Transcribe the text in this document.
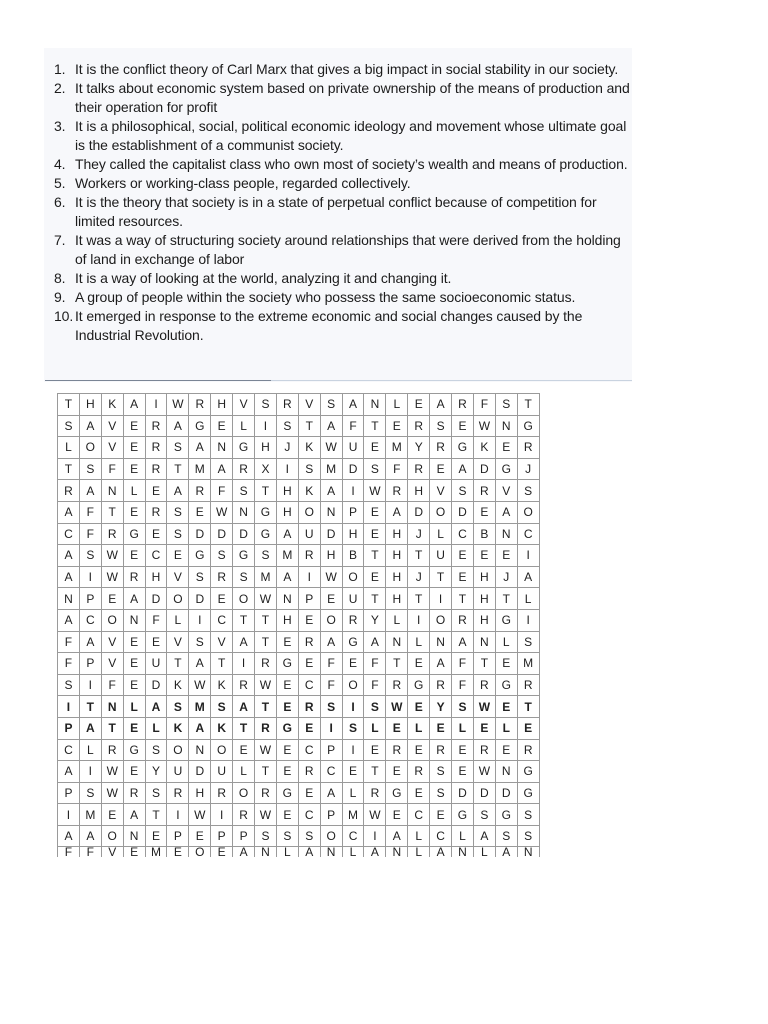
1. It is the conflict theory of Carl Marx that gives a big impact in social stability in our society.
2. It talks about economic system based on private ownership of the means of production and their operation for profit
3. It is a philosophical, social, political economic ideology and movement whose ultimate goal is the establishment of a communist society.
4. They called the capitalist class who own most of society’s wealth and means of production.
5. Workers or working-class people, regarded collectively.
6. It is the theory that society is in a state of perpetual conflict because of competition for limited resources.
7. It was a way of structuring society around relationships that were derived from the holding of land in exchange of labor
8. It is a way of looking at the world, analyzing it and changing it.
9. A group of people within the society who possess the same socioeconomic status.
10. It emerged in response to the extreme economic and social changes caused by the Industrial Revolution.
T	H	K	A	I	W	R	H	V	S	R	V	S	A	N	L	E	A	R	F	S	T
S	A	V	E	R	A	G	E	L	I	S	T	A	F	T	E	R	S	E	W	N	G
L	O	V	E	R	S	A	N	G	H	J	K	W	U	E	M	Y	R	G	K	E	R
T	S	F	E	R	T	M	A	R	X	I	S	M	D	S	F	R	E	A	D	G	J
R	A	N	L	E	A	R	F	S	T	H	K	A	I	W	R	H	V	S	R	V	S
A	F	T	E	R	S	E	W	N	G	H	O	N	P	E	A	D	O	D	E	A	O
C	F	R	G	E	S	D	D	D	G	A	U	D	H	E	H	J	L	C	B	N	C
A	S	W	E	C	E	G	S	G	S	M	R	H	B	T	H	T	U	E	E	E	I
A	I	W	R	H	V	S	R	S	M	A	I	W	O	E	H	J	T	E	H	J	A
N	P	E	A	D	O	D	E	O	W	N	P	E	U	T	H	T	I	T	H	T	L
A	C	O	N	F	L	I	C	T	T	H	E	O	R	Y	L	I	O	R	H	G	I
F	A	V	E	E	V	S	V	A	T	E	R	A	G	A	N	L	N	A	N	L	S
F	P	V	E	U	T	A	T	I	R	G	E	F	E	F	T	E	A	F	T	E	M
S	I	F	E	D	K	W	K	R	W	E	C	F	O	F	R	G	R	F	R	G	R
I	T	N	L	A	S	M	S	A	T	E	R	S	I	S	W	E	Y	S	W	E	T
P	A	T	E	L	K	A	K	T	R	G	E	I	S	L	E	L	E	L	E	L	E
C	L	R	G	S	O	N	O	E	W	E	C	P	I	E	R	E	R	E	R	E	R
A	I	W	E	Y	U	D	U	L	T	E	R	C	E	T	E	R	S	E	W	N	G
P	S	W	R	S	R	H	R	O	R	G	E	A	L	R	G	E	S	D	D	D	G
I	M	E	A	T	I	W	I	R	W	E	C	P	M	W	E	C	E	G	S	G	S
A	A	O	N	E	P	E	P	P	S	S	S	O	C	I	A	L	C	L	A	S	S
F	F	V	E	M	E	O	E	A	N	L	A	N	L	A	N	L	A	N	L	A	N
